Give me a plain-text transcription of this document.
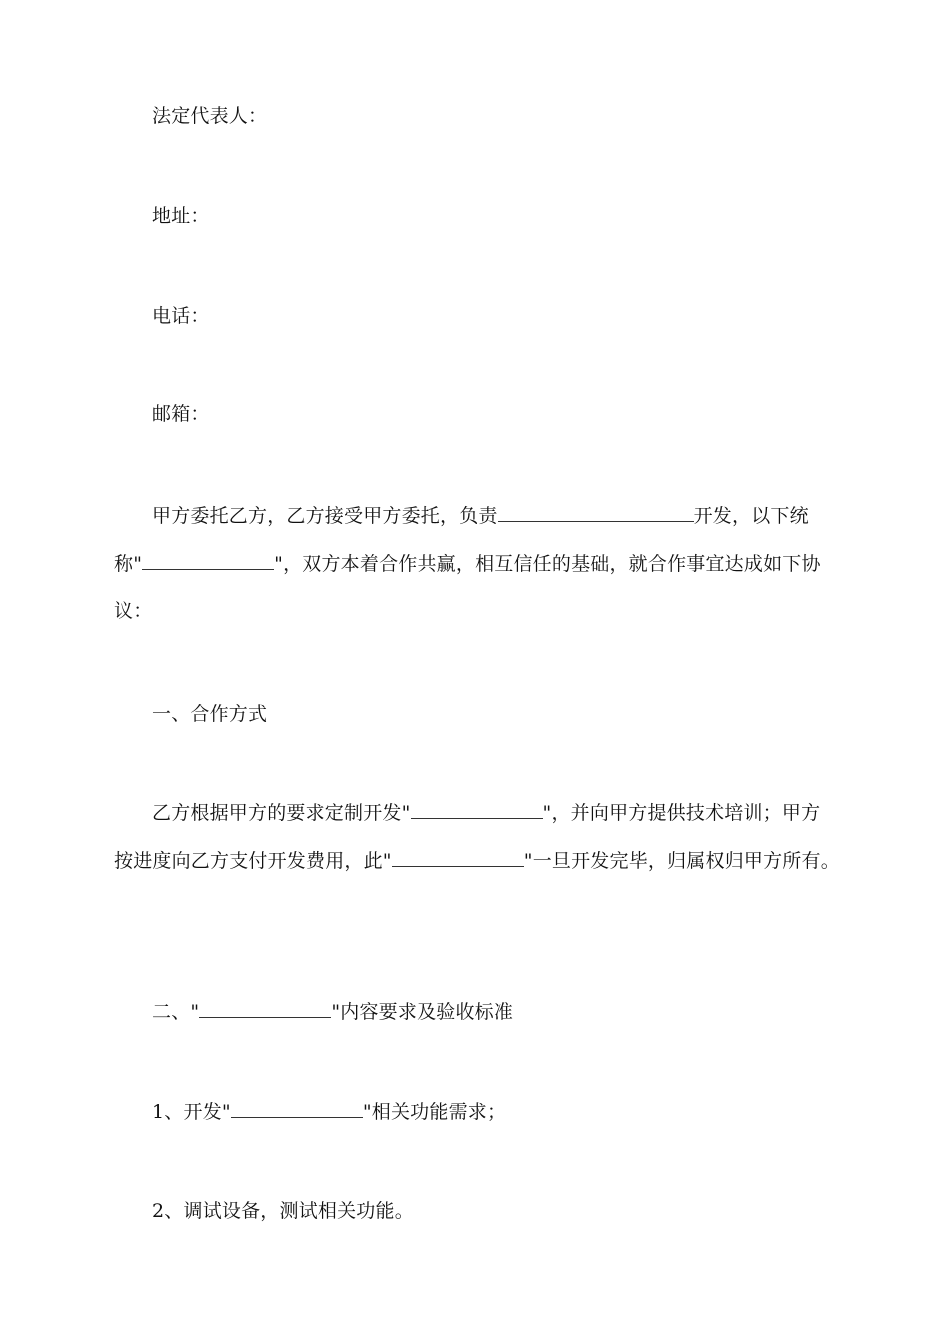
法定代表人：
地址：
电话：
邮箱：
甲方委托乙方，乙方接受甲方委托，负责	开发，以下统
称"	"，双方本着合作共赢，相互信任的基础，就合作事宜达成如下协
议：
一、合作方式
乙方根据甲方的要求定制开发"	"，并向甲方提供技术培训；甲方
按进度向乙方支付开发费用，此"	"一旦开发完毕，归属权归甲方所有。
二、"	"内容要求及验收标准
1、开发"	"相关功能需求；
2、调试设备，测试相关功能。
